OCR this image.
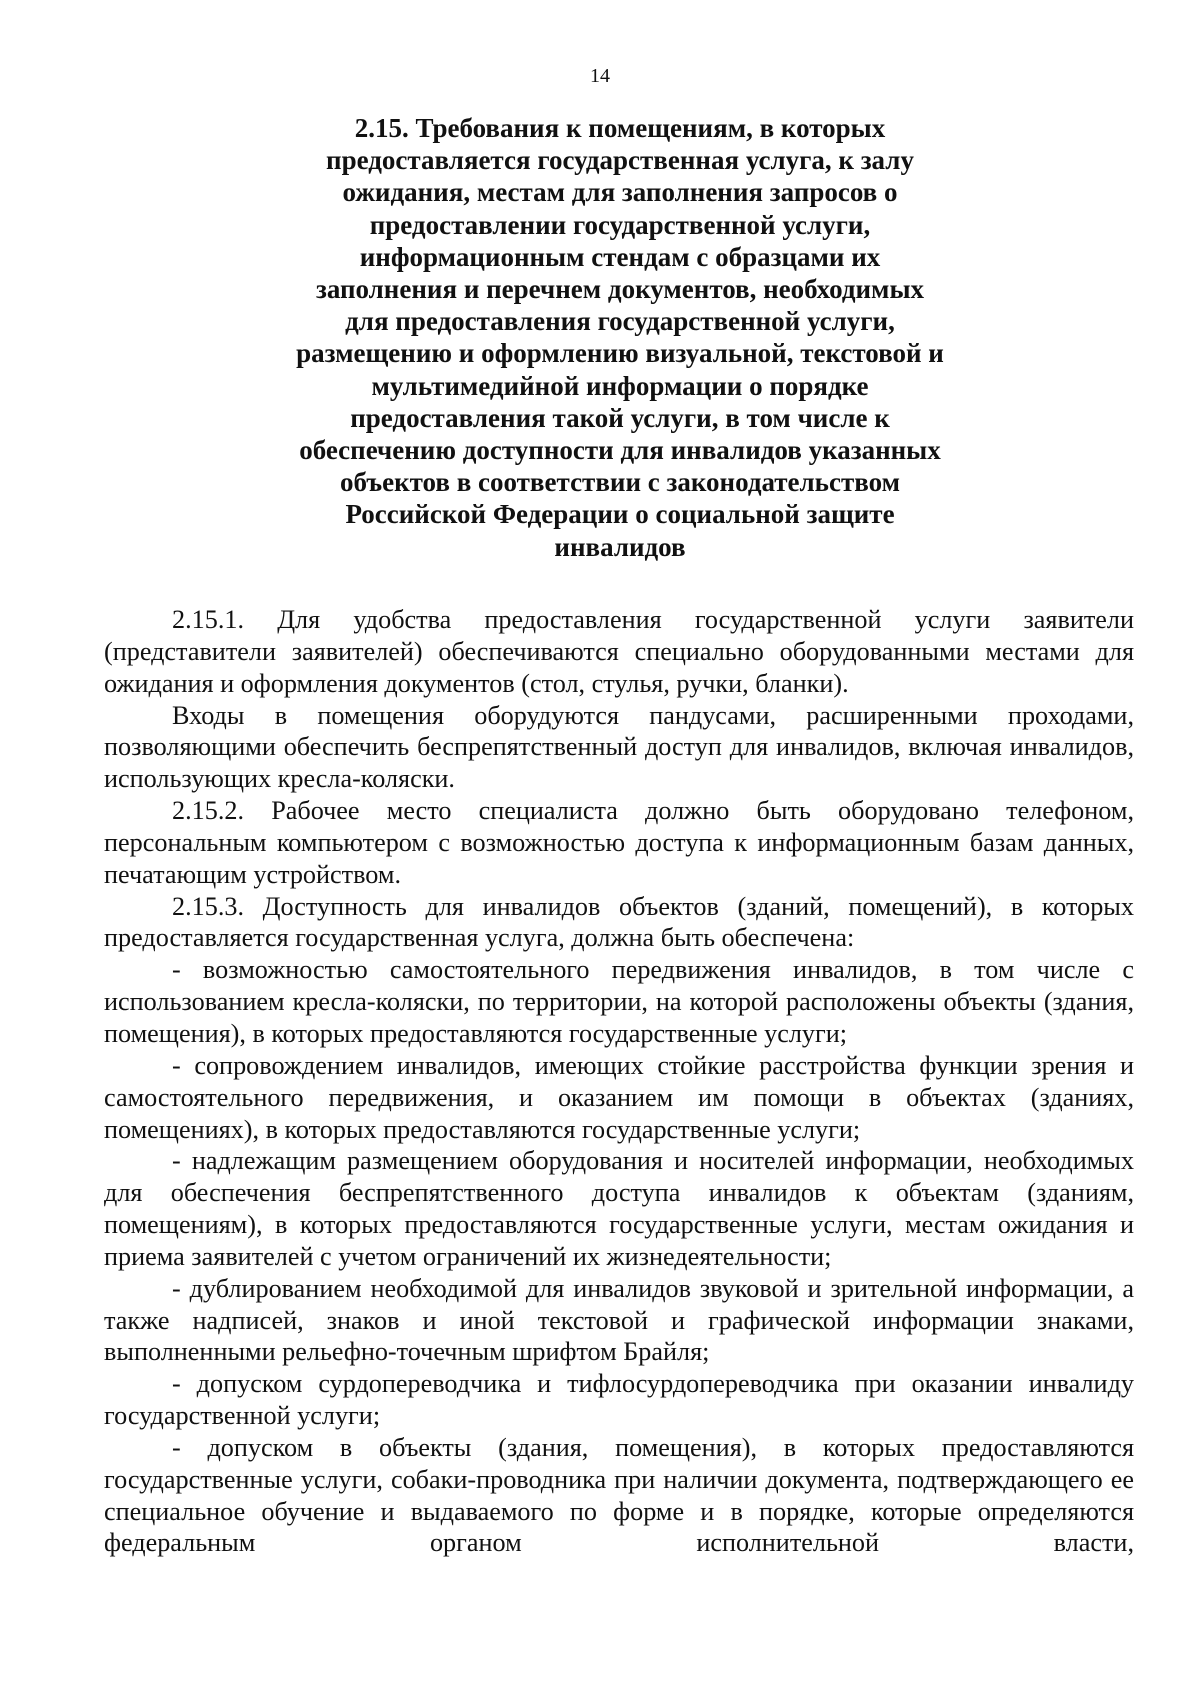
14
2.15. Требования к помещениям, в которых
предоставляется государственная услуга, к залу
ожидания, местам для заполнения запросов о
предоставлении государственной услуги,
информационным стендам с образцами их
заполнения и перечнем документов, необходимых
для предоставления государственной услуги,
размещению и оформлению визуальной, текстовой и
мультимедийной информации о порядке
предоставления такой услуги, в том числе к
обеспечению доступности для инвалидов указанных
объектов в соответствии с законодательством
Российской Федерации о социальной защите
инвалидов

2.15.1. Для удобства предоставления государственной услуги заявители (представители заявителей) обеспечиваются специально оборудованными местами для ожидания и оформления документов (стол, стулья, ручки, бланки).

Входы в помещения оборудуются пандусами, расширенными проходами, позволяющими обеспечить беспрепятственный доступ для инвалидов, включая инвалидов, использующих кресла-коляски.

2.15.2. Рабочее место специалиста должно быть оборудовано телефоном, персональным компьютером с возможностью доступа к информационным базам данных, печатающим устройством.

2.15.3. Доступность для инвалидов объектов (зданий, помещений), в которых предоставляется государственная услуга, должна быть обеспечена:

- возможностью самостоятельного передвижения инвалидов, в том числе с использованием кресла-коляски, по территории, на которой расположены объекты (здания, помещения), в которых предоставляются государственные услуги;

- сопровождением инвалидов, имеющих стойкие расстройства функции зрения и самостоятельного передвижения, и оказанием им помощи в объектах (зданиях, помещениях), в которых предоставляются государственные услуги;

- надлежащим размещением оборудования и носителей информации, необходимых для обеспечения беспрепятственного доступа инвалидов к объектам (зданиям, помещениям), в которых предоставляются государственные услуги, местам ожидания и приема заявителей с учетом ограничений их жизнедеятельности;

- дублированием необходимой для инвалидов звуковой и зрительной информации, а также надписей, знаков и иной текстовой и графической информации знаками, выполненными рельефно-точечным шрифтом Брайля;

- допуском сурдопереводчика и тифлосурдопереводчика при оказании инвалиду государственной услуги;

- допуском в объекты (здания, помещения), в которых предоставляются государственные услуги, собаки-проводника при наличии документа, подтверждающего ее специальное обучение и выдаваемого по форме и в порядке, которые определяются федеральным органом исполнительной власти,
